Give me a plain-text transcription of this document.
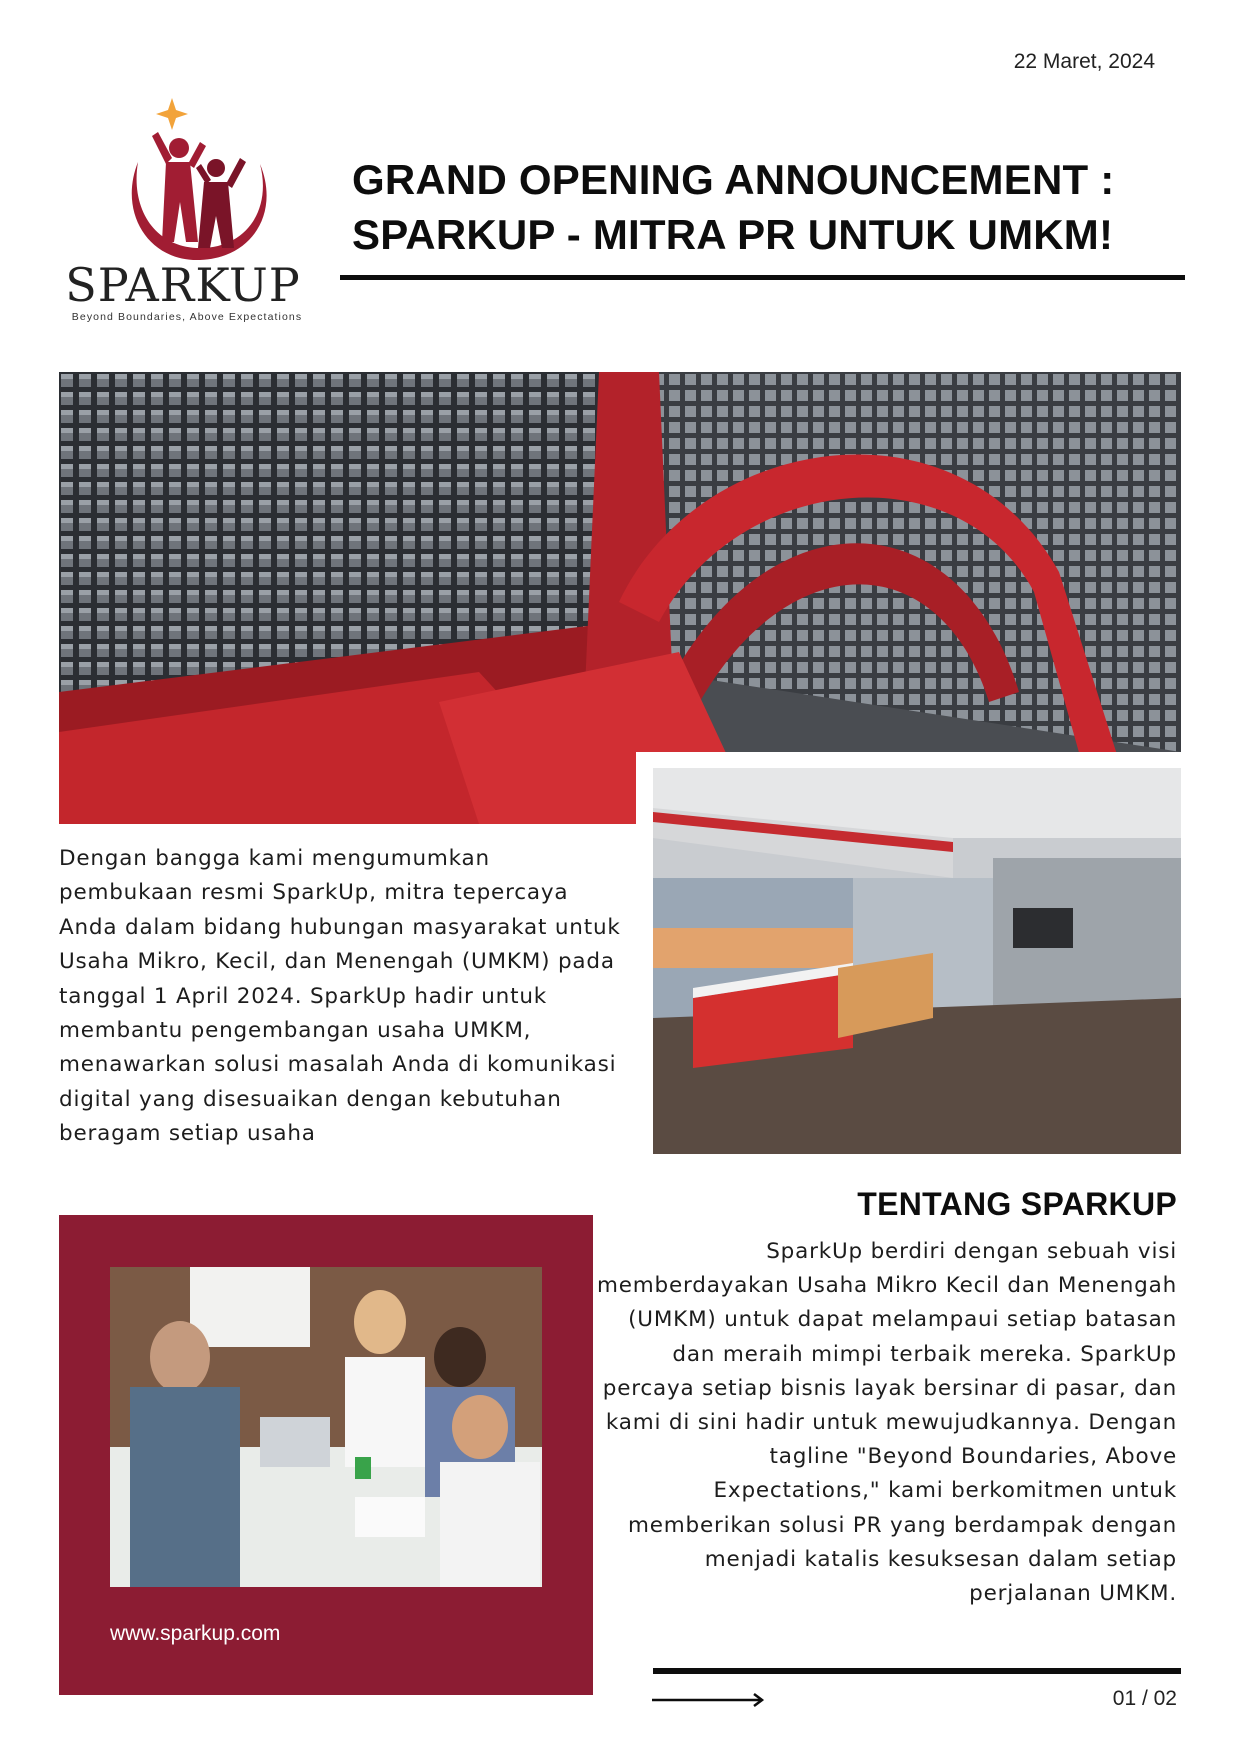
22 Maret, 2024
SPARKUP
Beyond Boundaries, Above Expectations
GRAND OPENING ANNOUNCEMENT :
SPARKUP - MITRA PR UNTUK UMKM!
Dengan bangga kami mengumumkan pembukaan resmi SparkUp, mitra tepercaya Anda dalam bidang hubungan masyarakat untuk Usaha Mikro, Kecil, dan Menengah (UMKM) pada tanggal 1 April 2024. SparkUp hadir untuk membantu pengembangan usaha UMKM, menawarkan solusi masalah Anda di komunikasi digital yang disesuaikan dengan kebutuhan beragam setiap usaha
www.sparkup.com
TENTANG SPARKUP
SparkUp berdiri dengan sebuah visi memberdayakan Usaha Mikro Kecil dan Menengah (UMKM) untuk dapat melampaui setiap batasan dan meraih mimpi terbaik mereka. SparkUp percaya setiap bisnis layak bersinar di pasar, dan kami di sini hadir untuk mewujudkannya. Dengan tagline "Beyond Boundaries, Above Expectations," kami berkomitmen untuk memberikan solusi PR yang berdampak dengan menjadi katalis kesuksesan dalam setiap perjalanan UMKM.
01 / 02
